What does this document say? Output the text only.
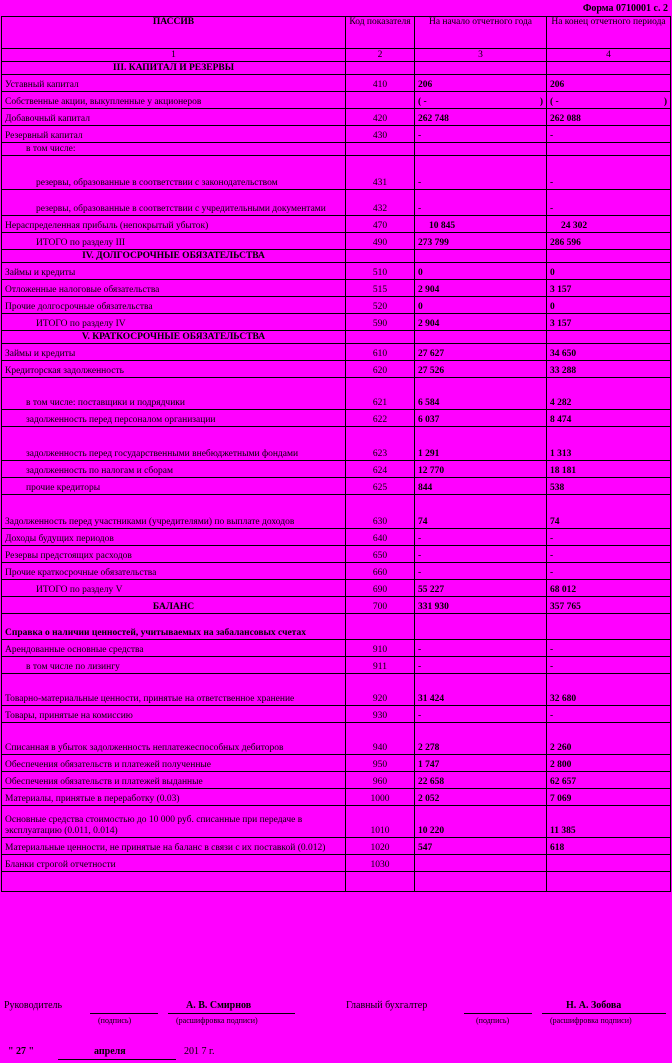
Форма 0710001 с. 2
ПАССИВ	Код показателя	На начало отчетного года	На конец отчетного периода
1	2	3	4
III. КАПИТАЛ И РЕЗЕРВЫ			
Уставный капитал	410	206	206
Собственные акции, выкупленные у акционеров		( - )	( - )

Добавочный капитал	420	262 748	262 088
Резервный капитал	430	-	-
в том числе:			
резервы, образованные в соответствии с законодательством	431	-	-
резервы, образованные в соответствии с учредительными документами	432	-	-
Нераспределенная прибыль (непокрытый убыток)	470	10 845	24 302
ИТОГО по разделу III	490	273 799	286 596
IV. ДОЛГОСРОЧНЫЕ ОБЯЗАТЕЛЬСТВА			
Займы и кредиты	510	0	0
Отложенные налоговые обязательства	515	2 904	3 157
Прочие долгосрочные обязательства	520	0	0
ИТОГО по разделу IV	590	2 904	3 157
V. КРАТКОСРОЧНЫЕ ОБЯЗАТЕЛЬСТВА			
Займы и кредиты	610	27 627	34 650
Кредиторская задолженность	620	27 526	33 288
в том числе: поставщики и подрядчики	621	6 584	4 282
задолженность перед персоналом организации	622	6 037	8 474
задолженность перед государственными внебюджетными фондами	623	1 291	1 313
задолженность по налогам и сборам	624	12 770	18 181
прочие кредиторы	625	844	538
Задолженность перед участниками (учредителями) по выплате доходов	630	74	74
Доходы будущих периодов	640	-	-
Резервы предстоящих расходов	650	-	-
Прочие краткосрочные обязательства	660	-	-
ИТОГО по разделу V	690	55 227	68 012
БАЛАНС	700	331 930	357 765
Справка о наличии ценностей, учитываемых на забалансовых счетах			
Арендованные основные средства	910	-	-
в том числе по лизингу	911	-	-
Товарно-материальные ценности, принятые на ответственное хранение	920	31 424	32 680
Товары, принятые на комиссию	930	-	-
Списанная в убыток задолженность неплатежеспособных дебиторов	940	2 278	2 260
Обеспечения обязательств и платежей полученные	950	1 747	2 800
Обеспечения обязательств и платежей выданные	960	22 658	62 657
Материалы, принятые в переработку (0.03)	1000	2 052	7 069
Основные средства стоимостью до 10 000 руб. списанные при передаче в эксплуатацию (0.011, 0.014)	1010	10 220	11 385
Материальные ценности, не принятые на баланс в связи с их поставкой (0.012)	1020	547	618
Бланки строгой отчетности	1030		

Руководитель	А. В. Смирнов
(подпись)	(расшифровка подписи)
Главный бухгалтер	Н. А. Зобова
(подпись)	(расшифровка подписи)
" 27 "	апреля	201 7 г.
